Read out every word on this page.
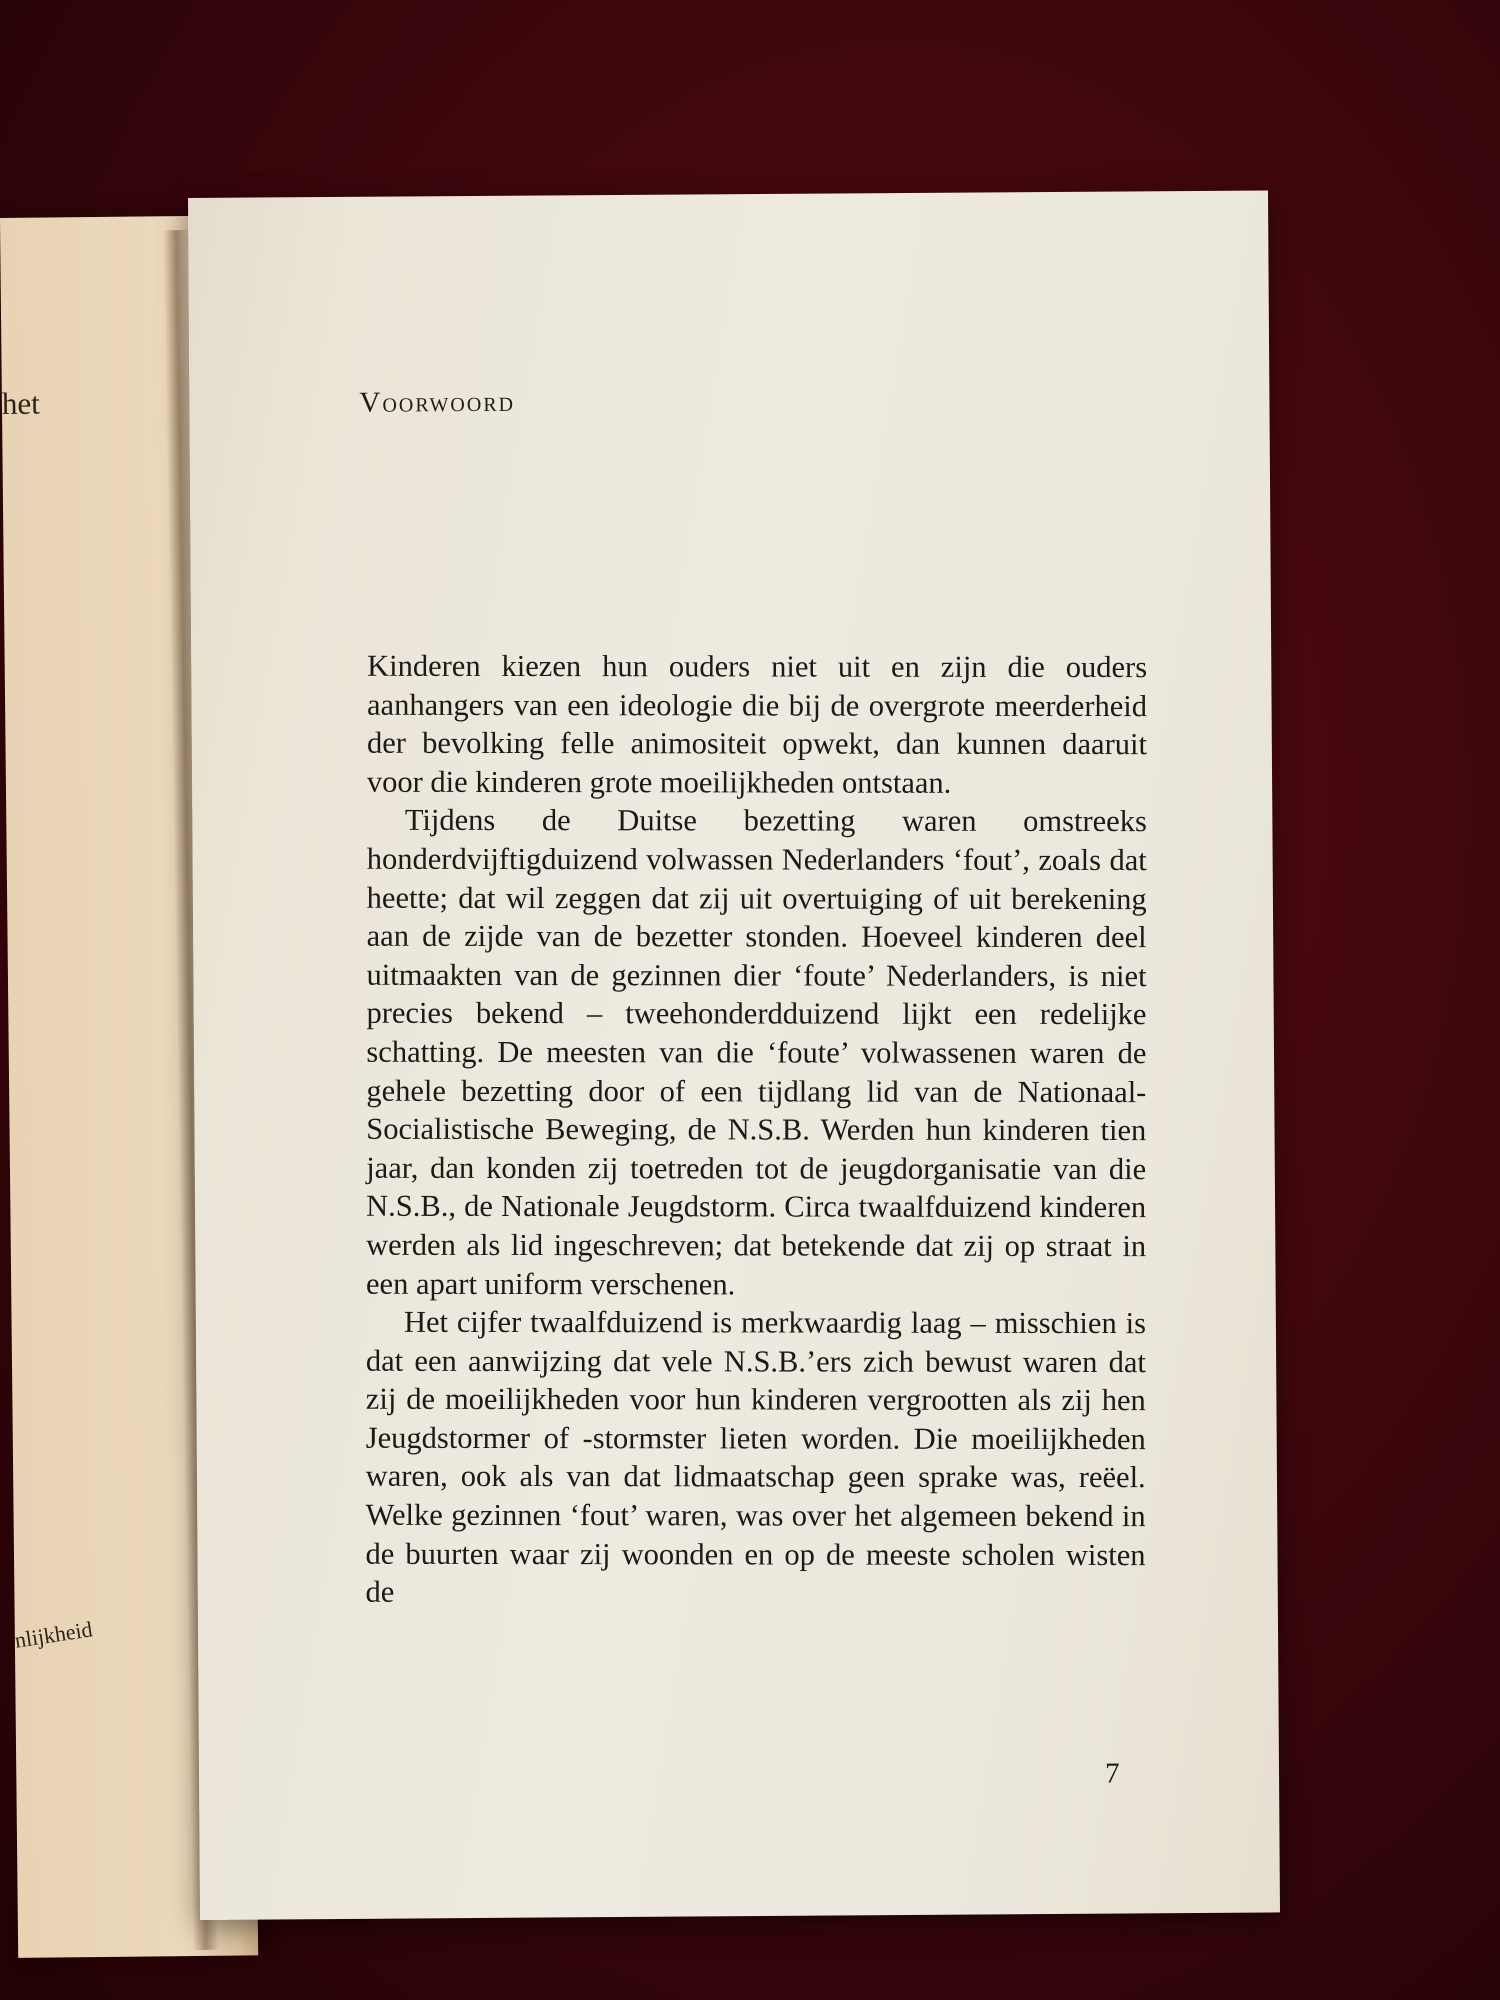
het
nlijkheid
Voorwoord

Kinderen kiezen hun ouders niet uit en zijn die ouders aanhangers van een ideologie die bij de overgrote meerderheid der bevolking felle animositeit opwekt, dan kunnen daaruit voor die kinderen grote moeilijkheden ontstaan.

Tijdens de Duitse bezetting waren omstreeks honderdvijftigduizend volwassen Nederlanders ‘fout’, zoals dat heette; dat wil zeggen dat zij uit overtuiging of uit berekening aan de zijde van de bezetter stonden. Hoeveel kinderen deel uitmaakten van de gezinnen dier ‘foute’ Nederlanders, is niet precies bekend – tweehonderdduizend lijkt een redelijke schatting. De meesten van die ‘foute’ volwassenen waren de gehele bezetting door of een tijdlang lid van de Nationaal-Socialistische Beweging, de N.S.B. Werden hun kinderen tien jaar, dan konden zij toetreden tot de jeugdorganisatie van die N.S.B., de Nationale Jeugdstorm. Circa twaalfduizend kinderen werden als lid ingeschreven; dat betekende dat zij op straat in een apart uniform verschenen.

Het cijfer twaalfduizend is merkwaardig laag – misschien is dat een aanwijzing dat vele N.S.B.’ers zich bewust waren dat zij de moeilijkheden voor hun kinderen vergrootten als zij hen Jeugdstormer of -stormster lieten worden. Die moeilijkheden waren, ook als van dat lidmaatschap geen sprake was, reëel. Welke gezinnen ‘fout’ waren, was over het algemeen bekend in de buurten waar zij woonden en op de meeste scholen wisten de

7
